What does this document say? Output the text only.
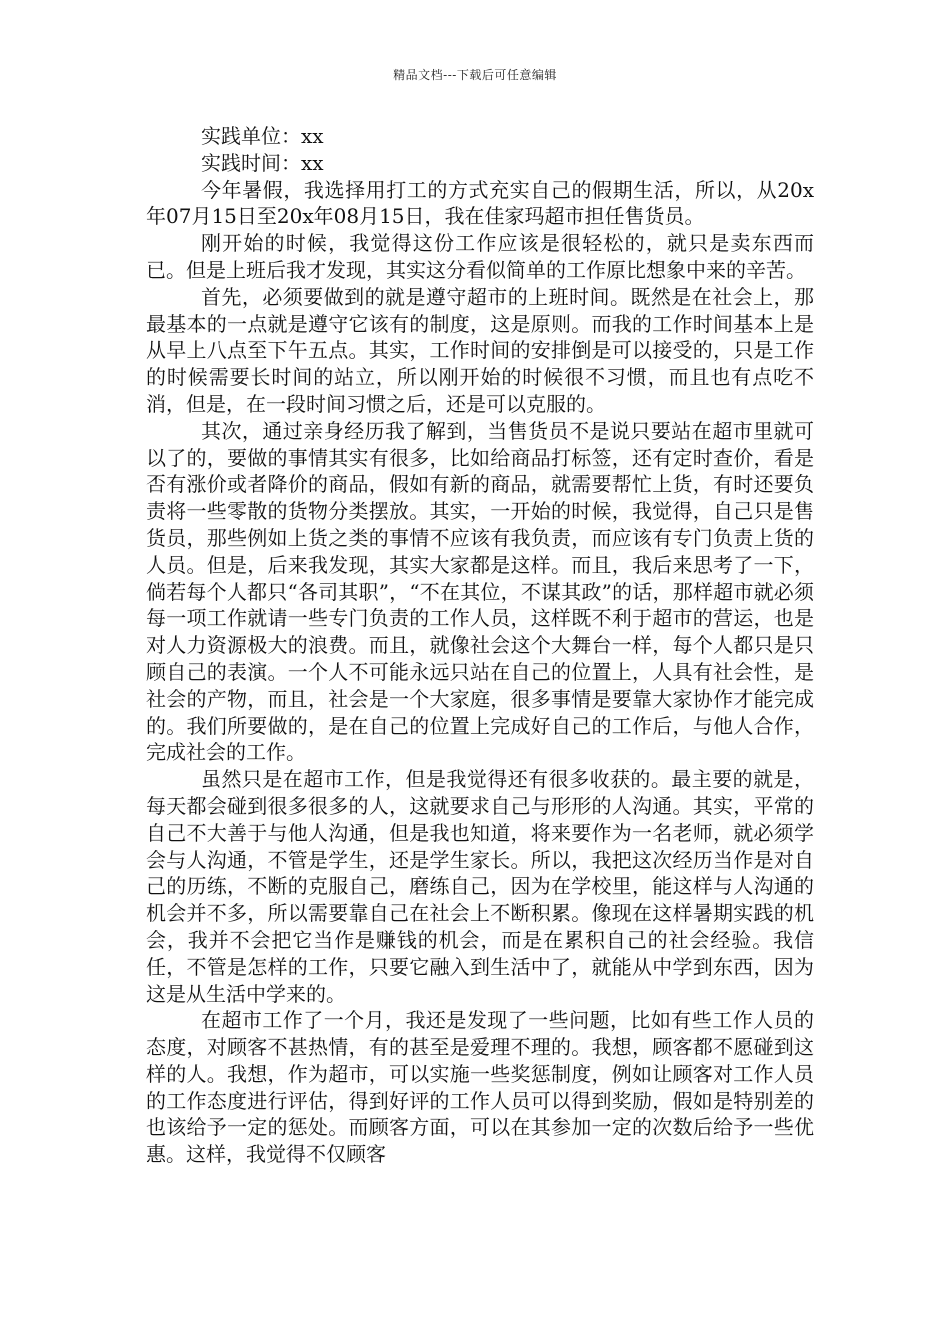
精品文档---下载后可任意编辑

实践单位：xx

实践时间：xx

今年暑假，我选择用打工的方式充实自己的假期生活，所以，从20x年07月15日至20x年08月15日，我在佳家玛超市担任售货员。

刚开始的时候，我觉得这份工作应该是很轻松的，就只是卖东西而已。但是上班后我才发现，其实这分看似简单的工作原比想象中来的辛苦。

首先，必须要做到的就是遵守超市的上班时间。既然是在社会上，那最基本的一点就是遵守它该有的制度，这是原则。而我的工作时间基本上是从早上八点至下午五点。其实，工作时间的安排倒是可以接受的，只是工作的时候需要长时间的站立，所以刚开始的时候很不习惯，而且也有点吃不消，但是，在一段时间习惯之后，还是可以克服的。

其次，通过亲身经历我了解到，当售货员不是说只要站在超市里就可以了的，要做的事情其实有很多，比如给商品打标签，还有定时查价，看是否有涨价或者降价的商品，假如有新的商品，就需要帮忙上货，有时还要负责将一些零散的货物分类摆放。其实，一开始的时候，我觉得，自己只是售货员，那些例如上货之类的事情不应该有我负责，而应该有专门负责上货的人员。但是，后来我发现，其实大家都是这样。而且，我后来思考了一下，倘若每个人都只“各司其职”，“不在其位，不谋其政”的话，那样超市就必须每一项工作就请一些专门负责的工作人员，这样既不利于超市的营运，也是对人力资源极大的浪费。而且，就像社会这个大舞台一样，每个人都只是只顾自己的表演。一个人不可能永远只站在自己的位置上，人具有社会性，是社会的产物，而且，社会是一个大家庭，很多事情是要靠大家协作才能完成的。我们所要做的，是在自己的位置上完成好自己的工作后，与他人合作，完成社会的工作。

虽然只是在超市工作，但是我觉得还有很多收获的。最主要的就是，每天都会碰到很多很多的人，这就要求自己与形形的人沟通。其实，平常的自己不大善于与他人沟通，但是我也知道，将来要作为一名老师，就必须学会与人沟通，不管是学生，还是学生家长。所以，我把这次经历当作是对自己的历练，不断的克服自己，磨练自己，因为在学校里，能这样与人沟通的机会并不多，所以需要靠自己在社会上不断积累。像现在这样暑期实践的机会，我并不会把它当作是赚钱的机会，而是在累积自己的社会经验。我信任，不管是怎样的工作，只要它融入到生活中了，就能从中学到东西，因为这是从生活中学来的。

在超市工作了一个月，我还是发现了一些问题，比如有些工作人员的态度，对顾客不甚热情，有的甚至是爱理不理的。我想，顾客都不愿碰到这样的人。我想，作为超市，可以实施一些奖惩制度，例如让顾客对工作人员的工作态度进行评估，得到好评的工作人员可以得到奖励，假如是特别差的也该给予一定的惩处。而顾客方面，可以在其参加一定的次数后给予一些优惠。这样，我觉得不仅顾客
